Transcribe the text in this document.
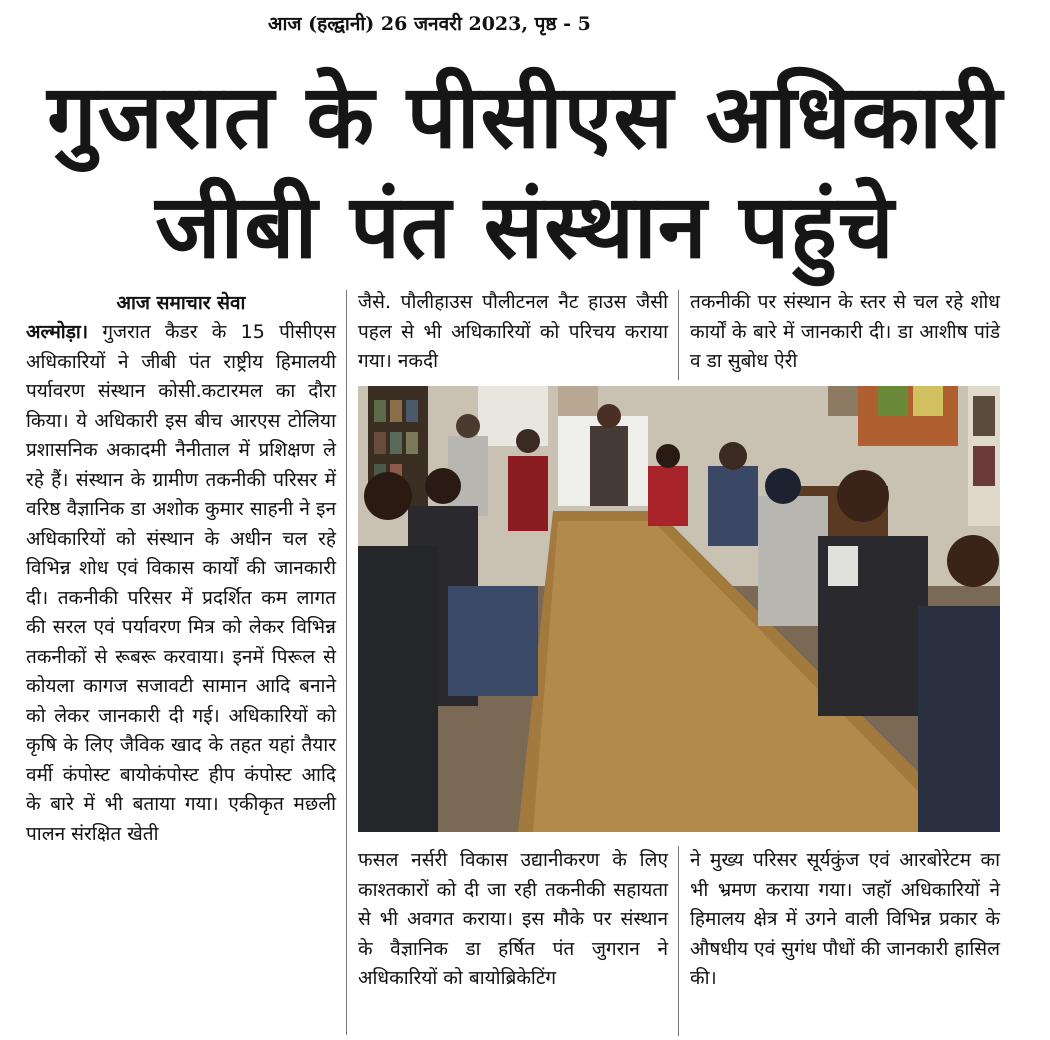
आज (हल्द्वानी) 26 जनवरी 2023, पृष्ठ - 5
गुजरात के पीसीएस अधिकारी
जीबी पंत संस्थान पहुंचे

आज समाचार सेवा

अल्मोड़ा। गुजरात कैडर के 15 पीसीएस अधिकारियों ने जीबी पंत राष्ट्रीय हिमालयी पर्यावरण संस्थान कोसी.कटारमल का दौरा किया। ये अधिकारी इस बीच आरएस टोलिया प्रशासनिक अकादमी नैनीताल में प्रशिक्षण ले रहे हैं। संस्थान के ग्रामीण तकनीकी परिसर में वरिष्ठ वैज्ञानिक डा अशोक कुमार साहनी ने इन अधिकारियों को संस्थान के अधीन चल रहे विभिन्न शोध एवं विकास कार्यों की जानकारी दी। तकनीकी परिसर में प्रदर्शित कम लागत की सरल एवं पर्यावरण मित्र को लेकर विभिन्न तकनीकों से रूबरू करवाया। इनमें पिरूल से कोयला कागज सजावटी सामान आदि बनाने को लेकर जानकारी दी गई। अधिकारियों को कृषि के लिए जैविक खाद के तहत यहां तैयार वर्मी कंपोस्ट बायोकंपोस्ट हीप कंपोस्ट आदि के बारे में भी बताया गया। एकीकृत मछली पालन संरक्षित खेती

जैसे. पौलीहाउस पौलीटनल नैट हाउस जैसी पहल से भी अधिकारियों को परिचय कराया गया। नकदी

तकनीकी पर संस्थान के स्तर से चल रहे शोध कार्यों के बारे में जानकारी दी। डा आशीष पांडे व डा सुबोध ऐरी

फसल नर्सरी विकास उद्यानीकरण के लिए काश्तकारों को दी जा रही तकनीकी सहायता से भी अवगत कराया। इस मौके पर संस्थान के वैज्ञानिक डा हर्षित पंत जुगरान ने अधिकारियों को बायोब्रिकेटिंग

ने मुख्य परिसर सूर्यकुंज एवं आरबोरेटम का भी भ्रमण कराया गया। जहॉ अधिकारियों ने हिमालय क्षेत्र में उगने वाली विभिन्न प्रकार के औषधीय एवं सुगंध पौधों की जानकारी हासिल की।
